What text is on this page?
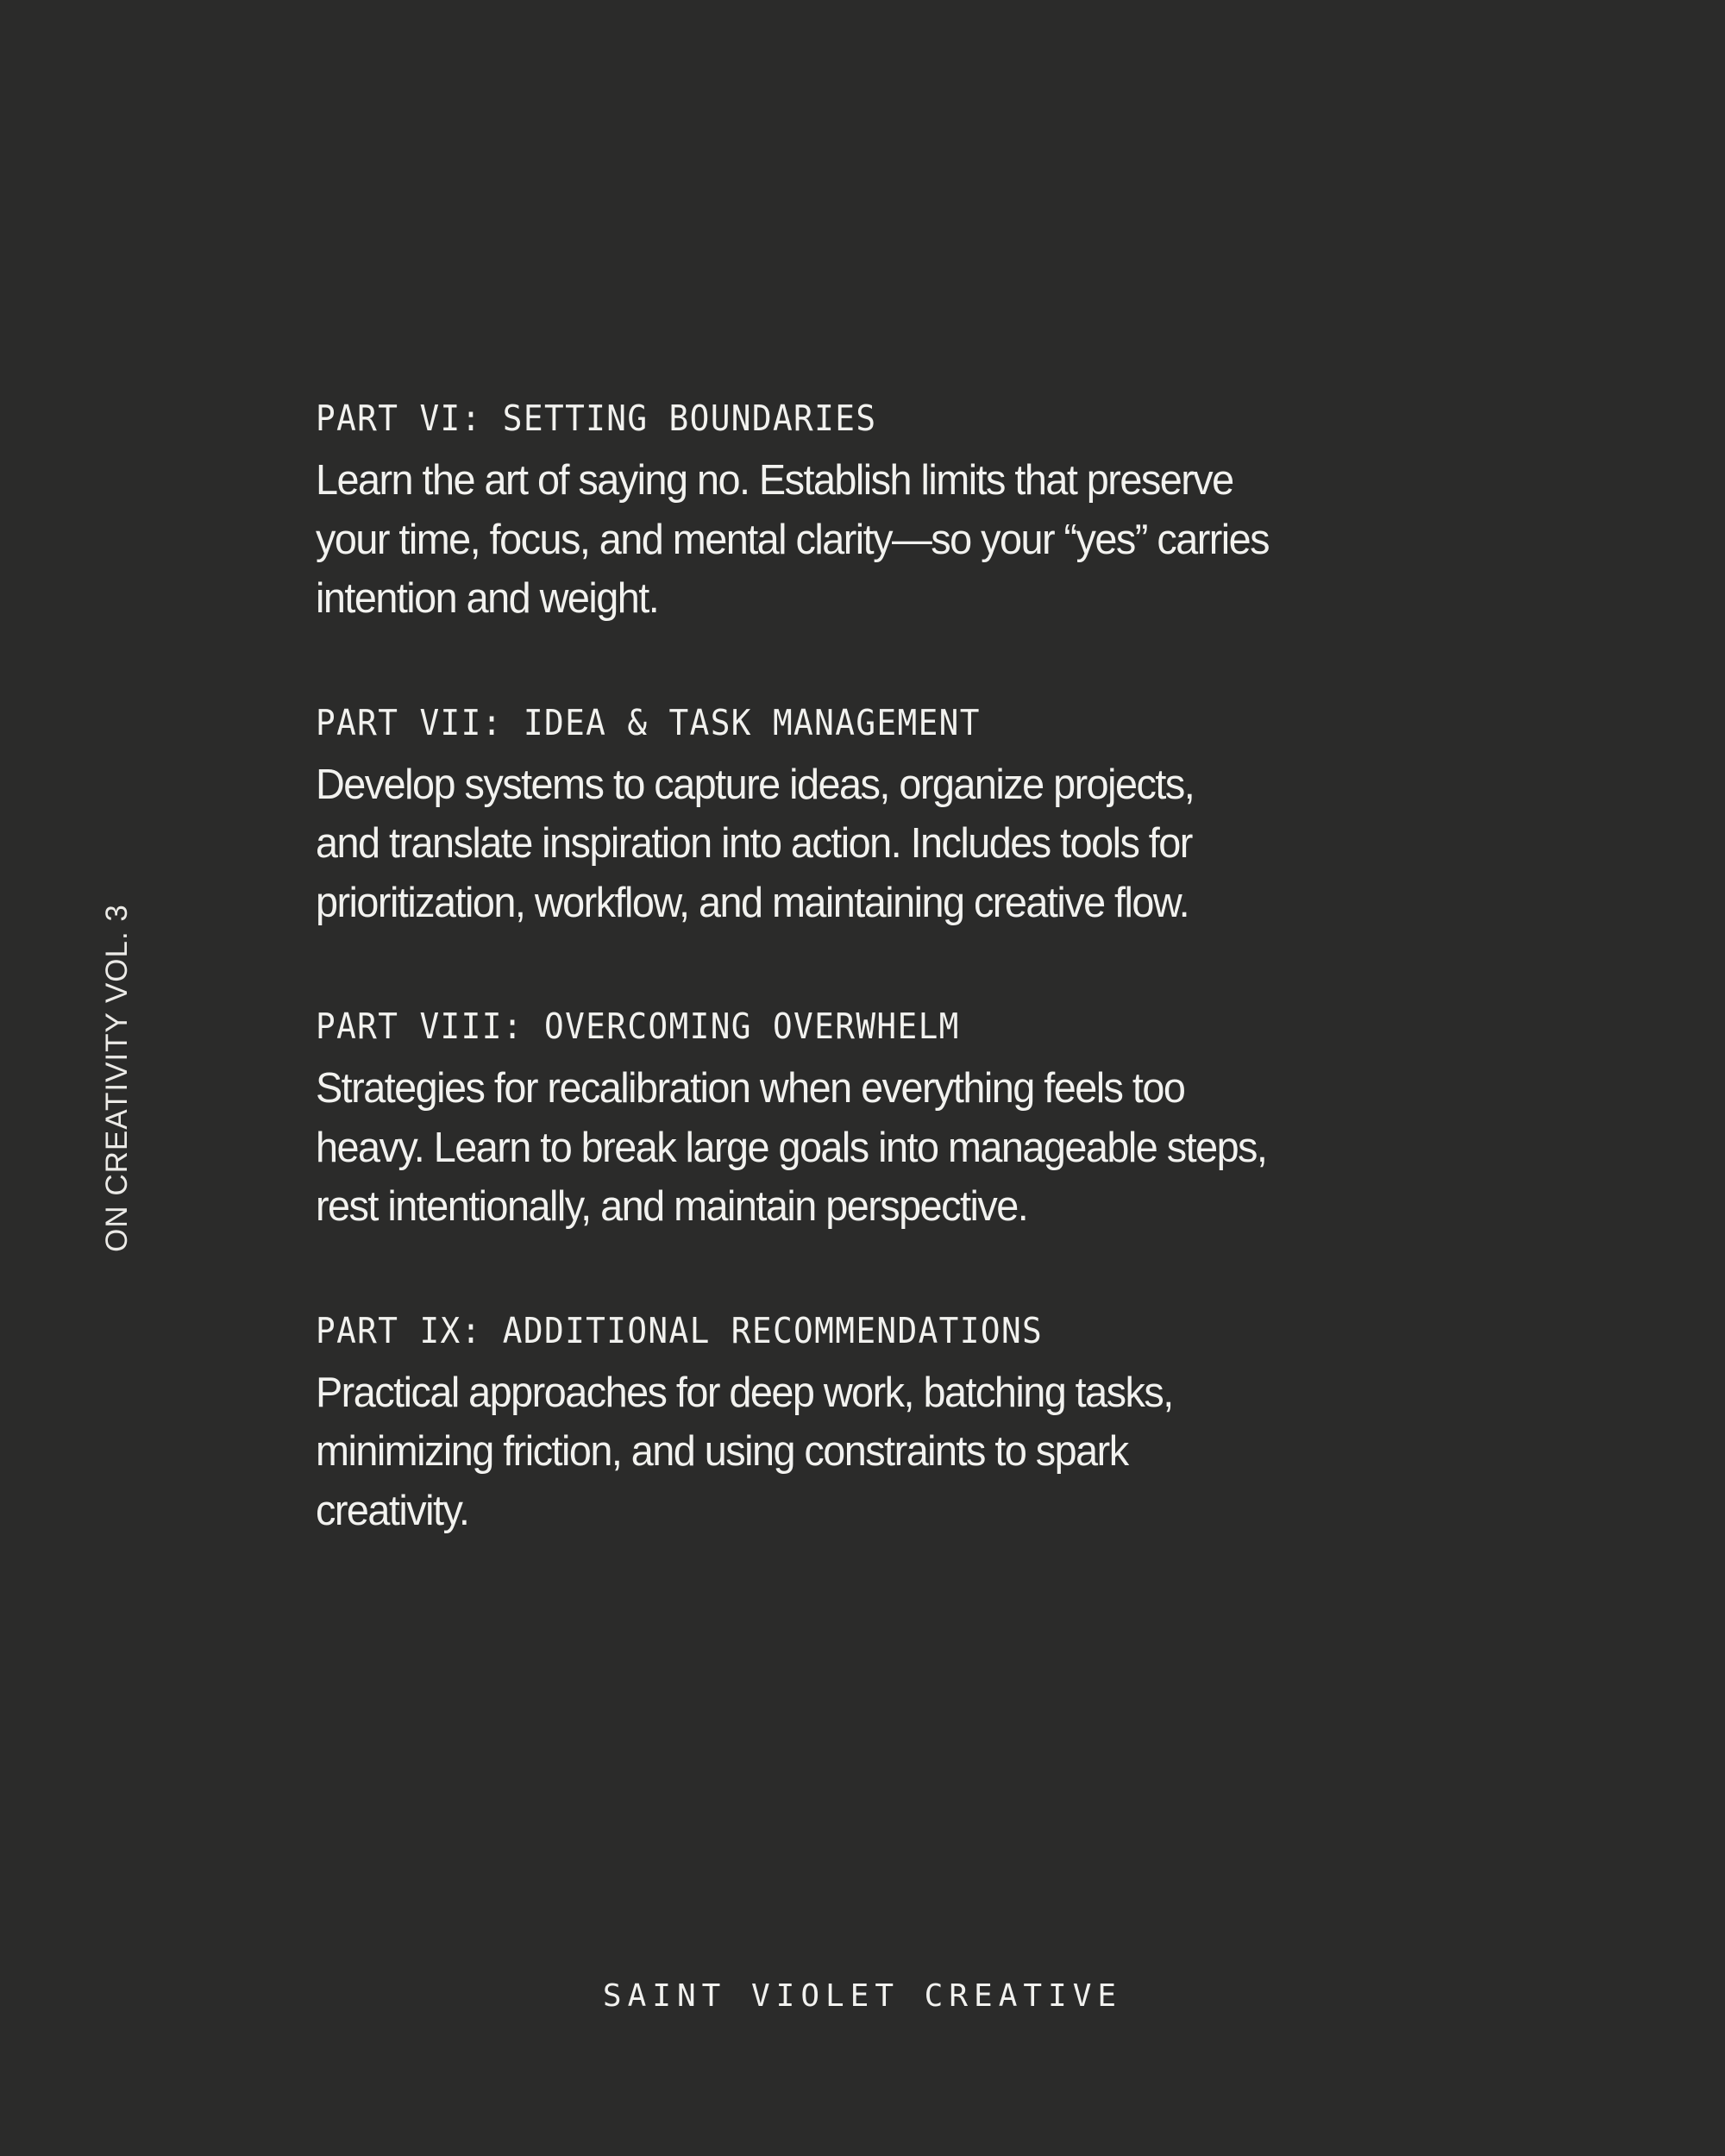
ON CREATIVITY VOL. 3
PART VI: SETTING BOUNDARIES

Learn the art of saying no. Establish limits that preserve
your time, focus, and mental clarity—so your “yes” carries
intention and weight.

PART VII: IDEA & TASK MANAGEMENT

Develop systems to capture ideas, organize projects,
and translate inspiration into action. Includes tools for
prioritization, workflow, and maintaining creative flow.

PART VIII: OVERCOMING OVERWHELM

Strategies for recalibration when everything feels too
heavy. Learn to break large goals into manageable steps,
rest intentionally, and maintain perspective.

PART IX: ADDITIONAL RECOMMENDATIONS

Practical approaches for deep work, batching tasks,
minimizing friction, and using constraints to spark
creativity.

SAINT VIOLET CREATIVE
